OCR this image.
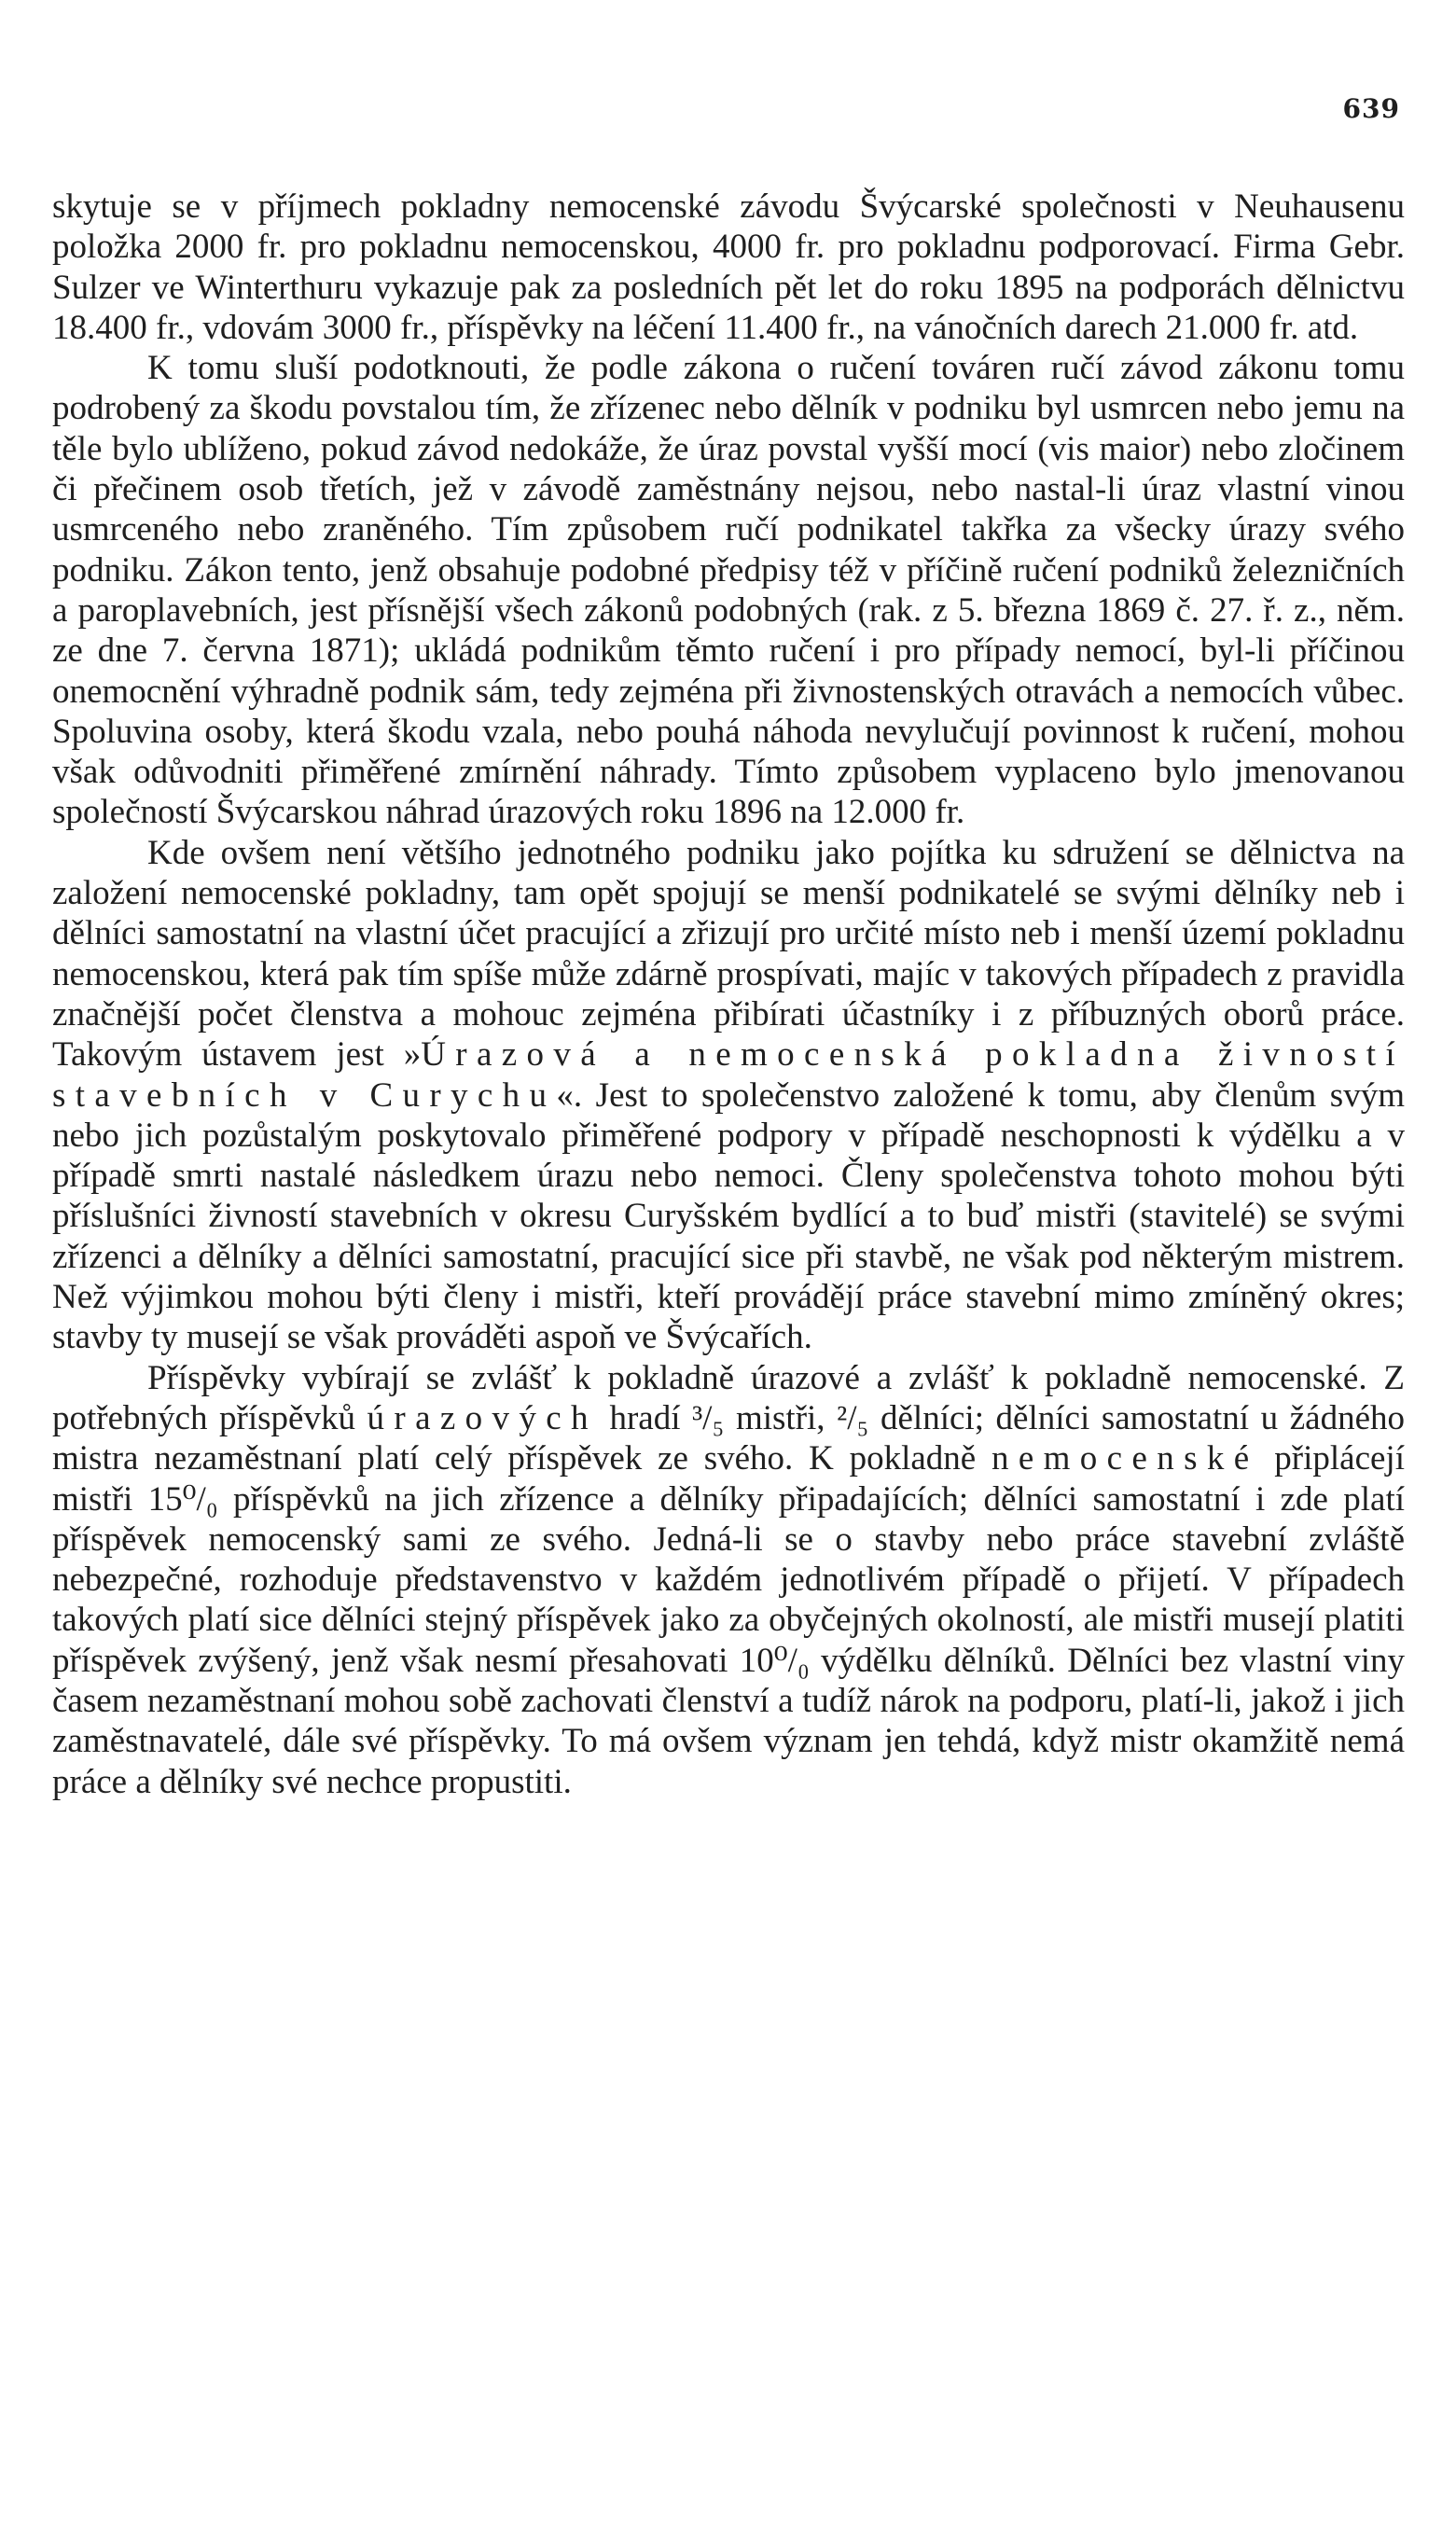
639

skytuje se v příjmech pokladny nemocenské závodu Švýcarské společnosti v Neuhausenu položka 2000 fr. pro pokladnu nemocenskou, 4000 fr. pro pokladnu podporovací. Firma Gebr. Sulzer ve Winterthuru vykazuje pak za posledních pět let do roku 1895 na podporách dělnictvu 18.400 fr., vdovám 3000 fr., příspěvky na léčení 11.400 fr., na vánočních darech 21.000 fr. atd.

K tomu sluší podotknouti, že podle zákona o ručení továren ručí závod zákonu tomu podrobený za škodu povstalou tím, že zřízenec nebo dělník v podniku byl usmrcen nebo jemu na těle bylo ublíženo, pokud závod nedokáže, že úraz povstal vyšší mocí (vis maior) nebo zločinem či přečinem osob třetích, jež v závodě zaměstnány nejsou, nebo nastal-li úraz vlastní vinou usmrceného nebo zraněného. Tím způsobem ručí podnikatel takřka za všecky úrazy svého podniku. Zákon tento, jenž obsahuje podobné předpisy též v příčině ručení podniků železničních a paroplavebních, jest přísnější všech zákonů podobných (rak. z 5. března 1869 č. 27. ř. z., něm. ze dne 7. června 1871); ukládá podnikům těmto ručení i pro případy nemocí, byl-li příčinou onemocnění výhradně podnik sám, tedy zejména při živnostenských otravách a nemocích vůbec. Spoluvina osoby, která škodu vzala, nebo pouhá náhoda nevylučují povinnost k ručení, mohou však odůvodniti přiměřené zmírnění náhrady. Tímto způsobem vyplaceno bylo jmenovanou společností Švýcarskou náhrad úrazových roku 1896 na 12.000 fr.

Kde ovšem není většího jednotného podniku jako pojítka ku sdružení se dělnictva na založení nemocenské pokladny, tam opět spojují se menší podnikatelé se svými dělníky neb i dělníci samostatní na vlastní účet pracující a zřizují pro určité místo neb i menší území pokladnu nemocenskou, která pak tím spíše může zdárně prospívati, majíc v takových případech z pravidla značnější počet členstva a mohouc zejména přibírati účastníky i z příbuzných oborů práce. Takovým ústavem jest »Úrazová a nemocenská pokladna živností stavebních v Curychu«. Jest to společenstvo založené k tomu, aby členům svým nebo jich pozůstalým poskytovalo přiměřené podpory v případě neschopnosti k výdělku a v případě smrti nastalé následkem úrazu nebo nemoci. Členy společenstva tohoto mohou býti příslušníci živností stavebních v okresu Curyšském bydlící a to buď mistři (stavitelé) se svými zřízenci a dělníky a dělníci samostatní, pracující sice při stavbě, ne však pod některým mistrem. Než výjimkou mohou býti členy i mistři, kteří provádějí práce stavební mimo zmíněný okres; stavby ty musejí se však prováděti aspoň ve Švýcařích.

Příspěvky vybírají se zvlášť k pokladně úrazové a zvlášť k pokladně nemocenské. Z potřebných příspěvků úrazových hradí ³/₅ mistři, ²/₅ dělníci; dělníci samostatní u žádného mistra nezaměstnaní platí celý příspěvek ze svého. K pokladně nemocenské připlácejí mistři 15⁰/₀ příspěvků na jich zřízence a dělníky připadajících; dělníci samostatní i zde platí příspěvek nemocenský sami ze svého. Jedná-li se o stavby nebo práce stavební zvláště nebezpečné, rozhoduje představenstvo v každém jednotlivém případě o přijetí. V případech takových platí sice dělníci stejný příspěvek jako za obyčejných okolností, ale mistři musejí platiti příspěvek zvýšený, jenž však nesmí přesahovati 10⁰/₀ výdělku dělníků. Dělníci bez vlastní viny časem nezaměstnaní mohou sobě zachovati členství a tudíž nárok na podporu, platí-li, jakož i jich zaměstnavatelé, dále své příspěvky. To má ovšem význam jen tehdá, když mistr okamžitě nemá práce a dělníky své nechce propustiti.
